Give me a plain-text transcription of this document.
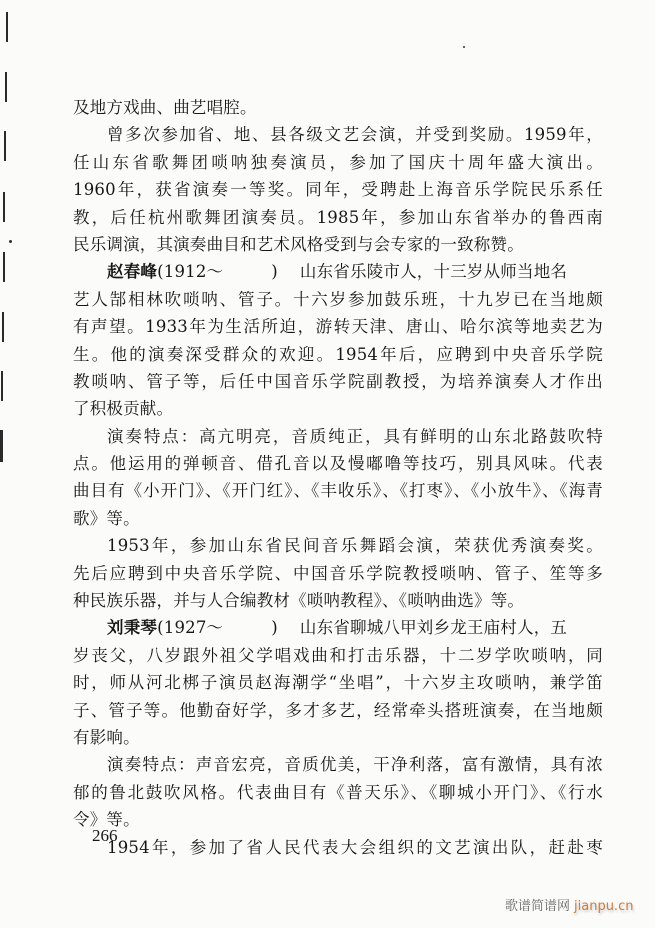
及地方戏曲、曲艺唱腔。
曾多次参加省、地、县各级文艺会演，并受到奖励。1959年，
任山东省歌舞团唢呐独奏演员，参加了国庆十周年盛大演出。
1960年，获省演奏一等奖。同年，受聘赴上海音乐学院民乐系任
教，后任杭州歌舞团演奏员。1985年，参加山东省举办的鲁西南
民乐调演，其演奏曲目和艺术风格受到与会专家的一致称赞。
赵春峰(1912～	) 山东省乐陵市人，十三岁从师当地名
艺人郜相林吹唢呐、管子。十六岁参加鼓乐班，十九岁已在当地颇
有声望。1933年为生活所迫，游转天津、唐山、哈尔滨等地卖艺为
生。他的演奏深受群众的欢迎。1954年后，应聘到中央音乐学院
教唢呐、管子等，后任中国音乐学院副教授，为培养演奏人才作出
了积极贡献。
演奏特点：高亢明亮，音质纯正，具有鲜明的山东北路鼓吹特
点。他运用的弹顿音、借孔音以及慢嘟噜等技巧，别具风味。代表
曲目有《小开门》、《开门红》、《丰收乐》、《打枣》、《小放牛》、《海青
歌》等。
1953年，参加山东省民间音乐舞蹈会演，荣获优秀演奏奖。
先后应聘到中央音乐学院、中国音乐学院教授唢呐、管子、笙等多
种民族乐器，并与人合编教材《唢呐教程》、《唢呐曲选》等。
刘秉琴(1927～	) 山东省聊城八甲刘乡龙王庙村人，五
岁丧父，八岁跟外祖父学唱戏曲和打击乐器，十二岁学吹唢呐，同
时，师从河北梆子演员赵海潮学“坐唱”，十六岁主攻唢呐，兼学笛
子、管子等。他勤奋好学，多才多艺，经常牵头搭班演奏，在当地颇
有影响。
演奏特点：声音宏亮，音质优美，干净利落，富有激情，具有浓
郁的鲁北鼓吹风格。代表曲目有《普天乐》、《聊城小开门》、《行水
令》等。
1954年，参加了省人民代表大会组织的文艺演出队，赶赴枣
266
歌谱简谱网 jianpu.cn
